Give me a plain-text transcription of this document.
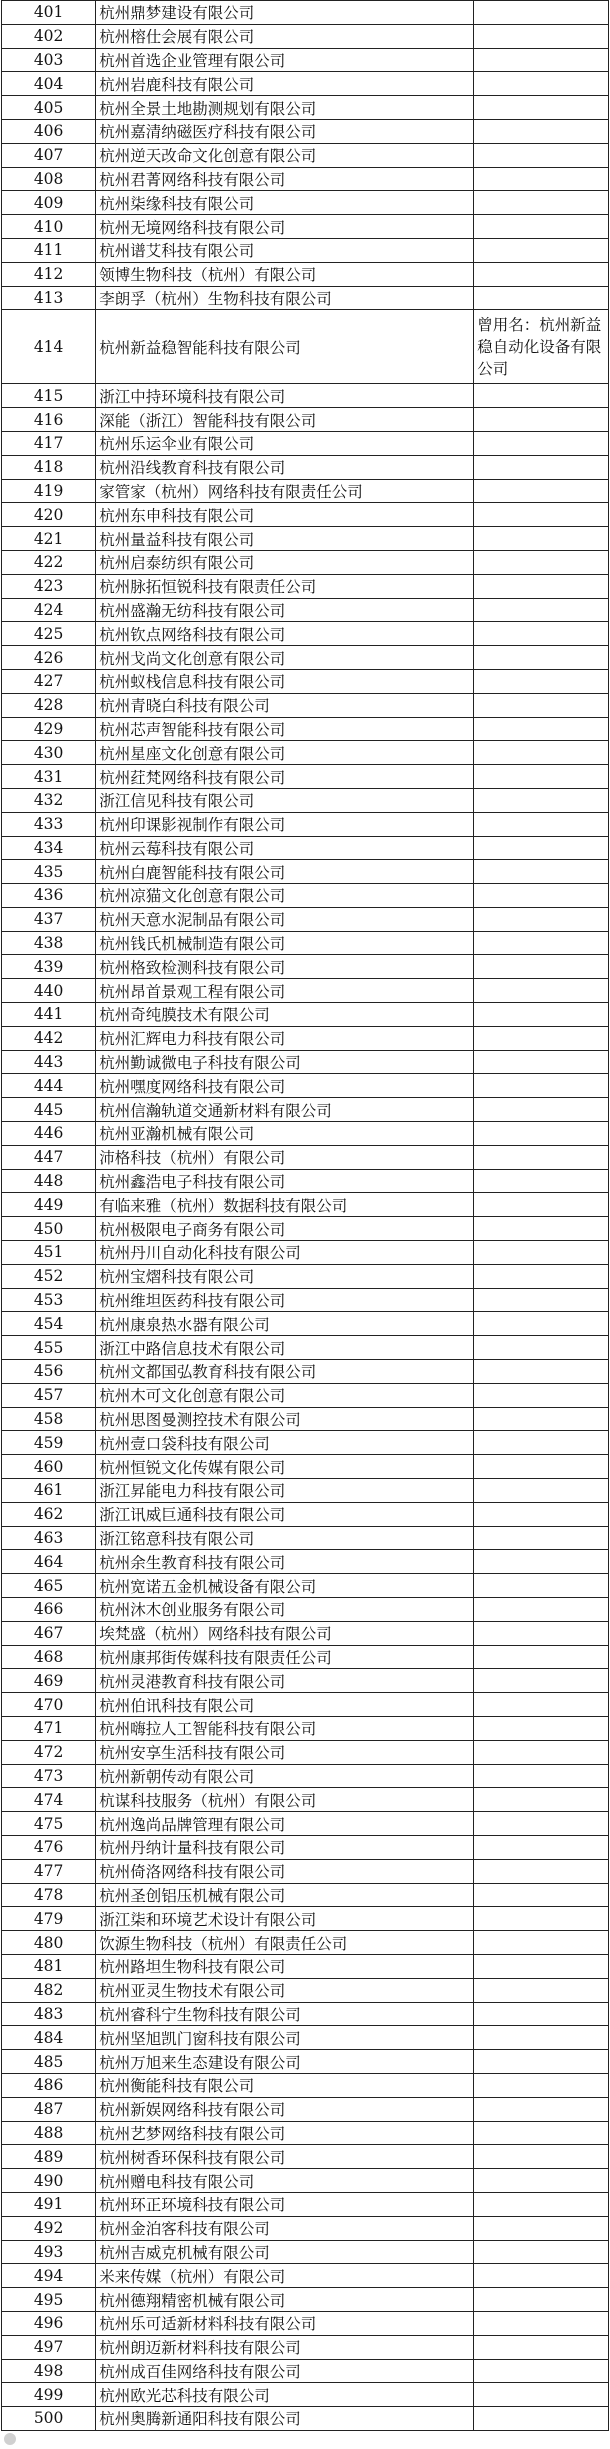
401	杭州鼎梦建设有限公司	
402	杭州榕仕会展有限公司	
403	杭州首选企业管理有限公司	
404	杭州岩鹿科技有限公司	
405	杭州全景土地勘测规划有限公司	
406	杭州嘉清纳磁医疗科技有限公司	
407	杭州逆天改命文化创意有限公司	
408	杭州君菁网络科技有限公司	
409	杭州柒缘科技有限公司	
410	杭州无境网络科技有限公司	
411	杭州谱艾科技有限公司	
412	领博生物科技（杭州）有限公司	
413	李朗孚（杭州）生物科技有限公司	
414	杭州新益稳智能科技有限公司	曾用名：杭州新益稳自动化设备有限公司
415	浙江中持环境科技有限公司	
416	深能（浙江）智能科技有限公司	
417	杭州乐运伞业有限公司	
418	杭州沿线教育科技有限公司	
419	家管家（杭州）网络科技有限责任公司	
420	杭州东申科技有限公司	
421	杭州量益科技有限公司	
422	杭州启泰纺织有限公司	
423	杭州脉拓恒锐科技有限责任公司	
424	杭州盛瀚无纺科技有限公司	
425	杭州钦点网络科技有限公司	
426	杭州戈尚文化创意有限公司	
427	杭州蚁栈信息科技有限公司	
428	杭州青晓白科技有限公司	
429	杭州芯声智能科技有限公司	
430	杭州星座文化创意有限公司	
431	杭州荭梵网络科技有限公司	
432	浙江信见科技有限公司	
433	杭州印课影视制作有限公司	
434	杭州云莓科技有限公司	
435	杭州白鹿智能科技有限公司	
436	杭州凉猫文化创意有限公司	
437	杭州天意水泥制品有限公司	
438	杭州钱氏机械制造有限公司	
439	杭州格致检测科技有限公司	
440	杭州昂首景观工程有限公司	
441	杭州奇纯膜技术有限公司	
442	杭州汇辉电力科技有限公司	
443	杭州勤诚微电子科技有限公司	
444	杭州嘿度网络科技有限公司	
445	杭州信瀚轨道交通新材料有限公司	
446	杭州亚瀚机械有限公司	
447	沛格科技（杭州）有限公司	
448	杭州鑫浩电子科技有限公司	
449	有临来雅（杭州）数据科技有限公司	
450	杭州极限电子商务有限公司	
451	杭州丹川自动化科技有限公司	
452	杭州宝熠科技有限公司	
453	杭州维坦医药科技有限公司	
454	杭州康泉热水器有限公司	
455	浙江中路信息技术有限公司	
456	杭州文都国弘教育科技有限公司	
457	杭州木可文化创意有限公司	
458	杭州思图曼测控技术有限公司	
459	杭州壹口袋科技有限公司	
460	杭州恒锐文化传媒有限公司	
461	浙江昇能电力科技有限公司	
462	浙江讯威巨通科技有限公司	
463	浙江铭意科技有限公司	
464	杭州余生教育科技有限公司	
465	杭州宽诺五金机械设备有限公司	
466	杭州沐木创业服务有限公司	
467	埃梵盛（杭州）网络科技有限公司	
468	杭州康邦街传媒科技有限责任公司	
469	杭州灵港教育科技有限公司	
470	杭州伯讯科技有限公司	
471	杭州嗨拉人工智能科技有限公司	
472	杭州安享生活科技有限公司	
473	杭州新朝传动有限公司	
474	杭谋科技服务（杭州）有限公司	
475	杭州逸尚品牌管理有限公司	
476	杭州丹纳计量科技有限公司	
477	杭州倚洛网络科技有限公司	
478	杭州圣创铝压机械有限公司	
479	浙江柒和环境艺术设计有限公司	
480	饮源生物科技（杭州）有限责任公司	
481	杭州路坦生物科技有限公司	
482	杭州亚灵生物技术有限公司	
483	杭州睿科宁生物科技有限公司	
484	杭州坚旭凯门窗科技有限公司	
485	杭州万旭来生态建设有限公司	
486	杭州衡能科技有限公司	
487	杭州新娱网络科技有限公司	
488	杭州艺梦网络科技有限公司	
489	杭州树香环保科技有限公司	
490	杭州赠电科技有限公司	
491	杭州环正环境科技有限公司	
492	杭州金泊客科技有限公司	
493	杭州吉威克机械有限公司	
494	米来传媒（杭州）有限公司	
495	杭州德翔精密机械有限公司	
496	杭州乐可适新材料科技有限公司	
497	杭州朗迈新材料科技有限公司	
498	杭州成百佳网络科技有限公司	
499	杭州欧光芯科技有限公司	
500	杭州奥腾新通阳科技有限公司	
